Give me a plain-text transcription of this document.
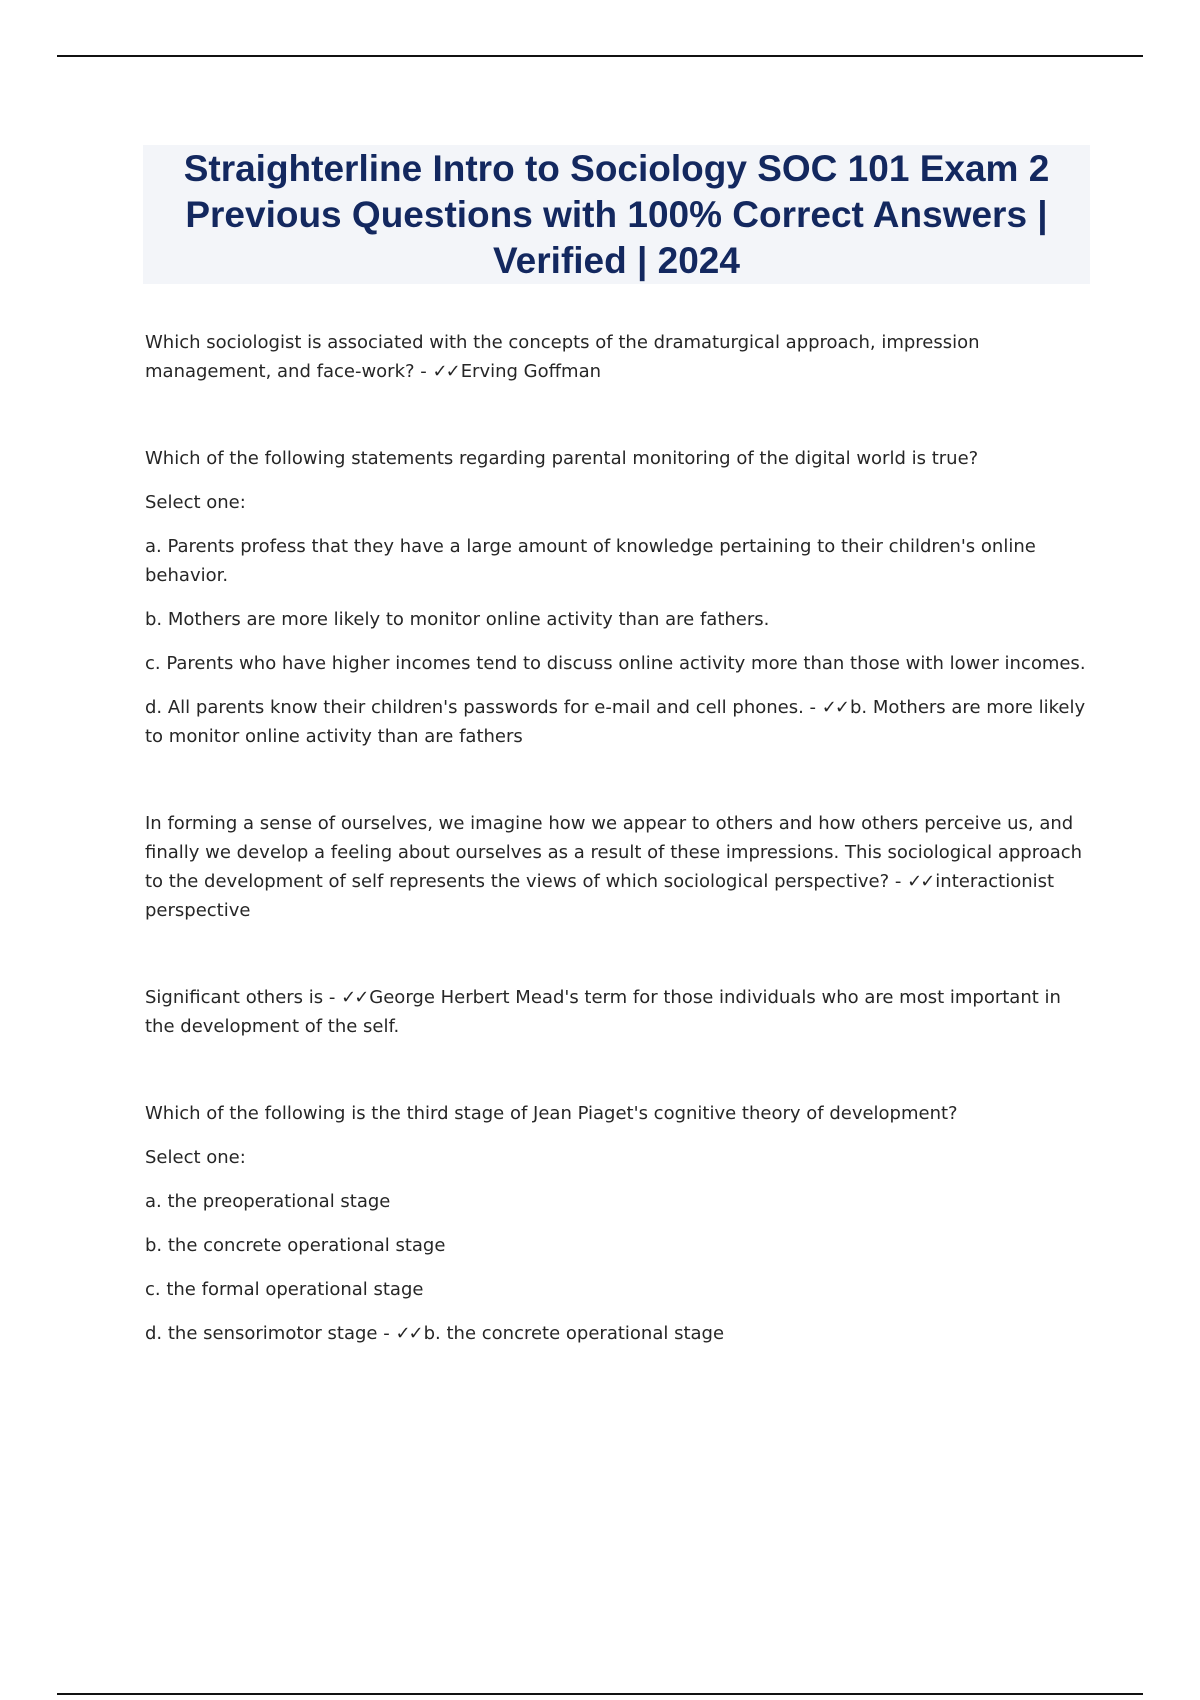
Straighterline Intro to Sociology SOC 101 Exam 2 Previous Questions with 100% Correct Answers | Verified | 2024

Which sociologist is associated with the concepts of the dramaturgical approach, impression management, and face-work? - ✓✓ Erving Goffman

Which of the following statements regarding parental monitoring of the digital world is true?

Select one:

a. Parents profess that they have a large amount of knowledge pertaining to their children's online behavior.

b. Mothers are more likely to monitor online activity than are fathers.

c. Parents who have higher incomes tend to discuss online activity more than those with lower incomes.

d. All parents know their children's passwords for e-mail and cell phones. - ✓✓ b. Mothers are more likely to monitor online activity than are fathers

In forming a sense of ourselves, we imagine how we appear to others and how others perceive us, and finally we develop a feeling about ourselves as a result of these impressions. This sociological approach to the development of self represents the views of which sociological perspective? - ✓✓ interactionist perspective

Significant others is - ✓✓ George Herbert Mead's term for those individuals who are most important in the development of the self.

Which of the following is the third stage of Jean Piaget's cognitive theory of development?

Select one:

a. the preoperational stage

b. the concrete operational stage

c. the formal operational stage

d. the sensorimotor stage - ✓✓ b. the concrete operational stage
